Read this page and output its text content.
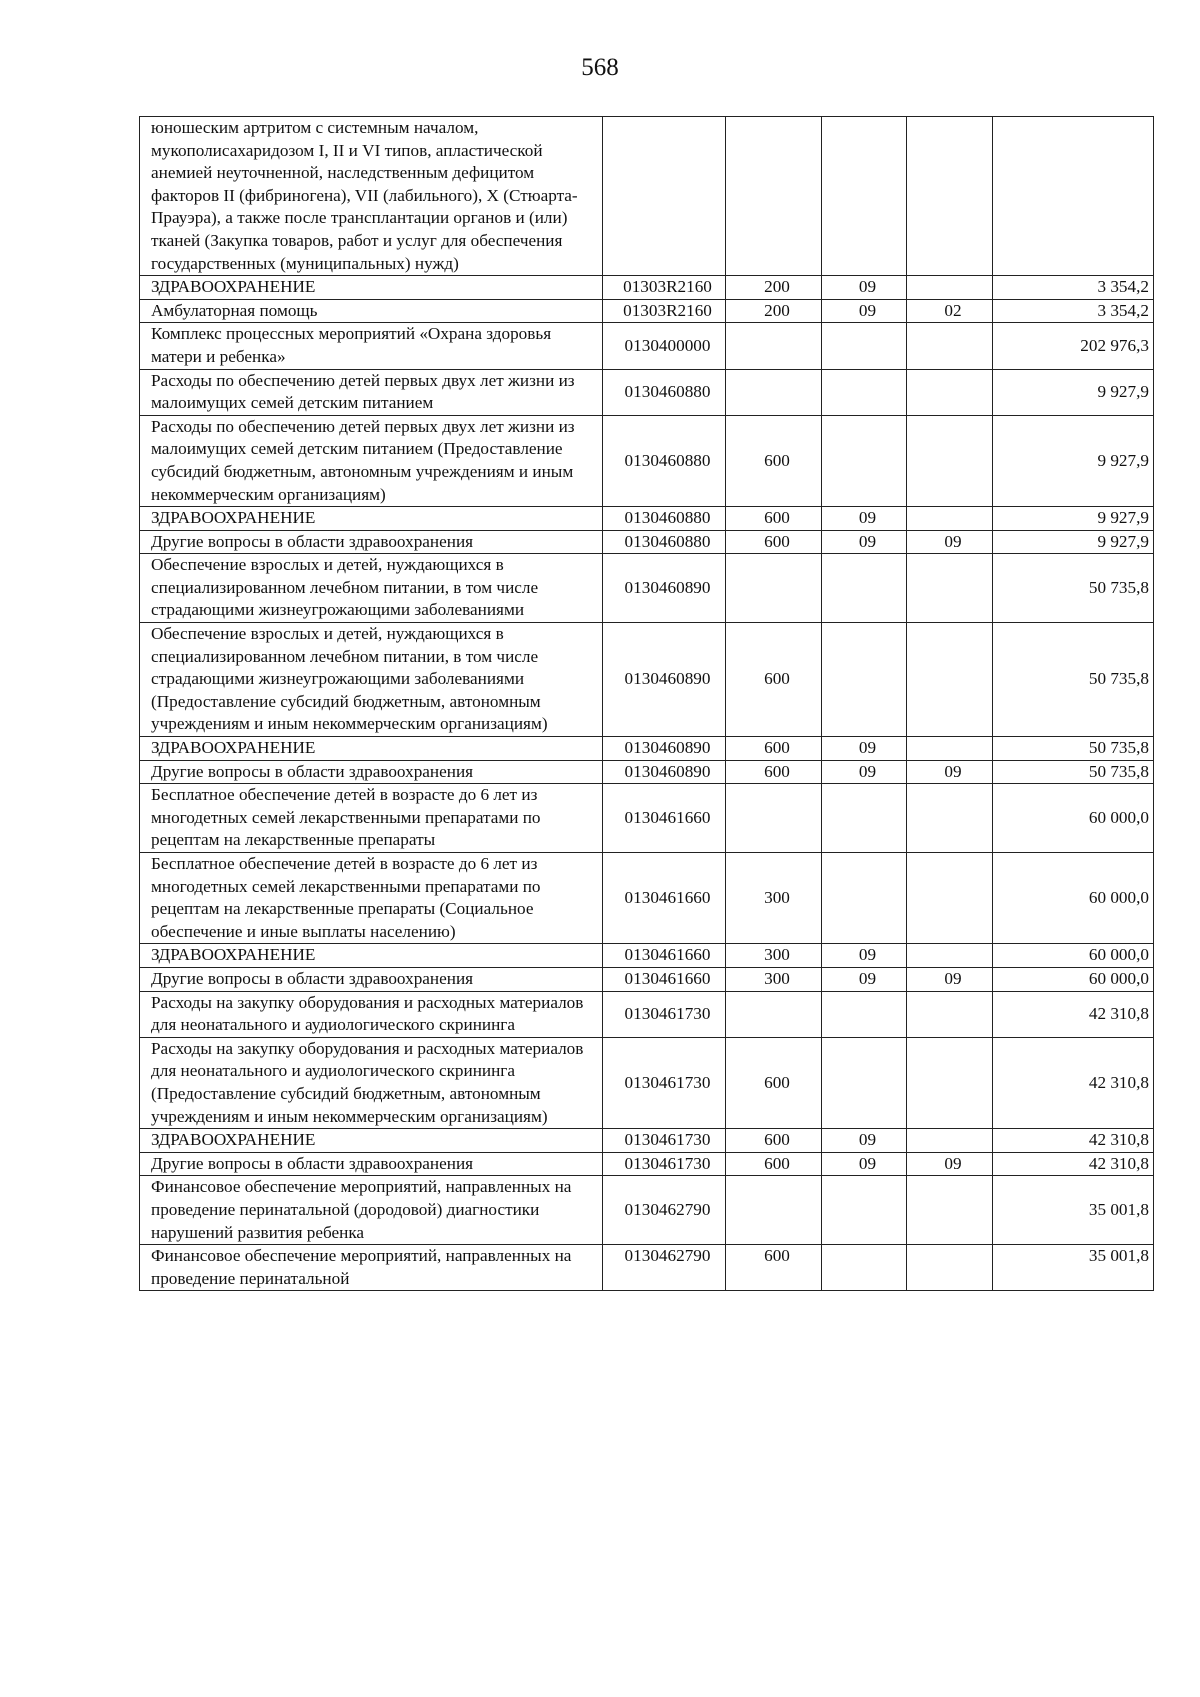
568
юношеским артритом с системным началом, мукополисахаридозом I, II и VI типов, апластической анемией неуточненной, наследственным дефицитом факторов II (фибриногена), VII (лабильного), X (Стюарта-Прауэра), а также после трансплантации органов и (или) тканей (Закупка товаров, работ и услуг для обеспечения государственных (муниципальных) нужд)					
ЗДРАВООХРАНЕНИЕ	01303R2160	200	09		3 354,2
Амбулаторная помощь	01303R2160	200	09	02	3 354,2
Комплекс процессных мероприятий «Охрана здоровья матери и ребенка»	0130400000				202 976,3
Расходы по обеспечению детей первых двух лет жизни из малоимущих семей детским питанием	0130460880				9 927,9
Расходы по обеспечению детей первых двух лет жизни из малоимущих семей детским питанием (Предоставление субсидий бюджетным, автономным учреждениям и иным некоммерческим организациям)	0130460880	600			9 927,9
ЗДРАВООХРАНЕНИЕ	0130460880	600	09		9 927,9
Другие вопросы в области здравоохранения	0130460880	600	09	09	9 927,9
Обеспечение взрослых и детей, нуждающихся в специализированном лечебном питании, в том числе страдающими жизнеугрожающими заболеваниями	0130460890				50 735,8
Обеспечение взрослых и детей, нуждающихся в специализированном лечебном питании, в том числе страдающими жизнеугрожающими заболеваниями (Предоставление субсидий бюджетным, автономным учреждениям и иным некоммерческим организациям)	0130460890	600			50 735,8
ЗДРАВООХРАНЕНИЕ	0130460890	600	09		50 735,8
Другие вопросы в области здравоохранения	0130460890	600	09	09	50 735,8
Бесплатное обеспечение детей в возрасте до 6 лет из многодетных семей лекарственными препаратами по рецептам на лекарственные препараты	0130461660				60 000,0
Бесплатное обеспечение детей в возрасте до 6 лет из многодетных семей лекарственными препаратами по рецептам на лекарственные препараты (Социальное обеспечение и иные выплаты населению)	0130461660	300			60 000,0
ЗДРАВООХРАНЕНИЕ	0130461660	300	09		60 000,0
Другие вопросы в области здравоохранения	0130461660	300	09	09	60 000,0
Расходы на закупку оборудования и расходных материалов для неонатального и аудиологического скрининга	0130461730				42 310,8
Расходы на закупку оборудования и расходных материалов для неонатального и аудиологического скрининга (Предоставление субсидий бюджетным, автономным учреждениям и иным некоммерческим организациям)	0130461730	600			42 310,8
ЗДРАВООХРАНЕНИЕ	0130461730	600	09		42 310,8
Другие вопросы в области здравоохранения	0130461730	600	09	09	42 310,8
Финансовое обеспечение мероприятий, направленных на проведение перинатальной (дородовой) диагностики нарушений развития ребенка	0130462790				35 001,8
Финансовое обеспечение мероприятий, направленных на проведение перинатальной	0130462790	600			35 001,8
